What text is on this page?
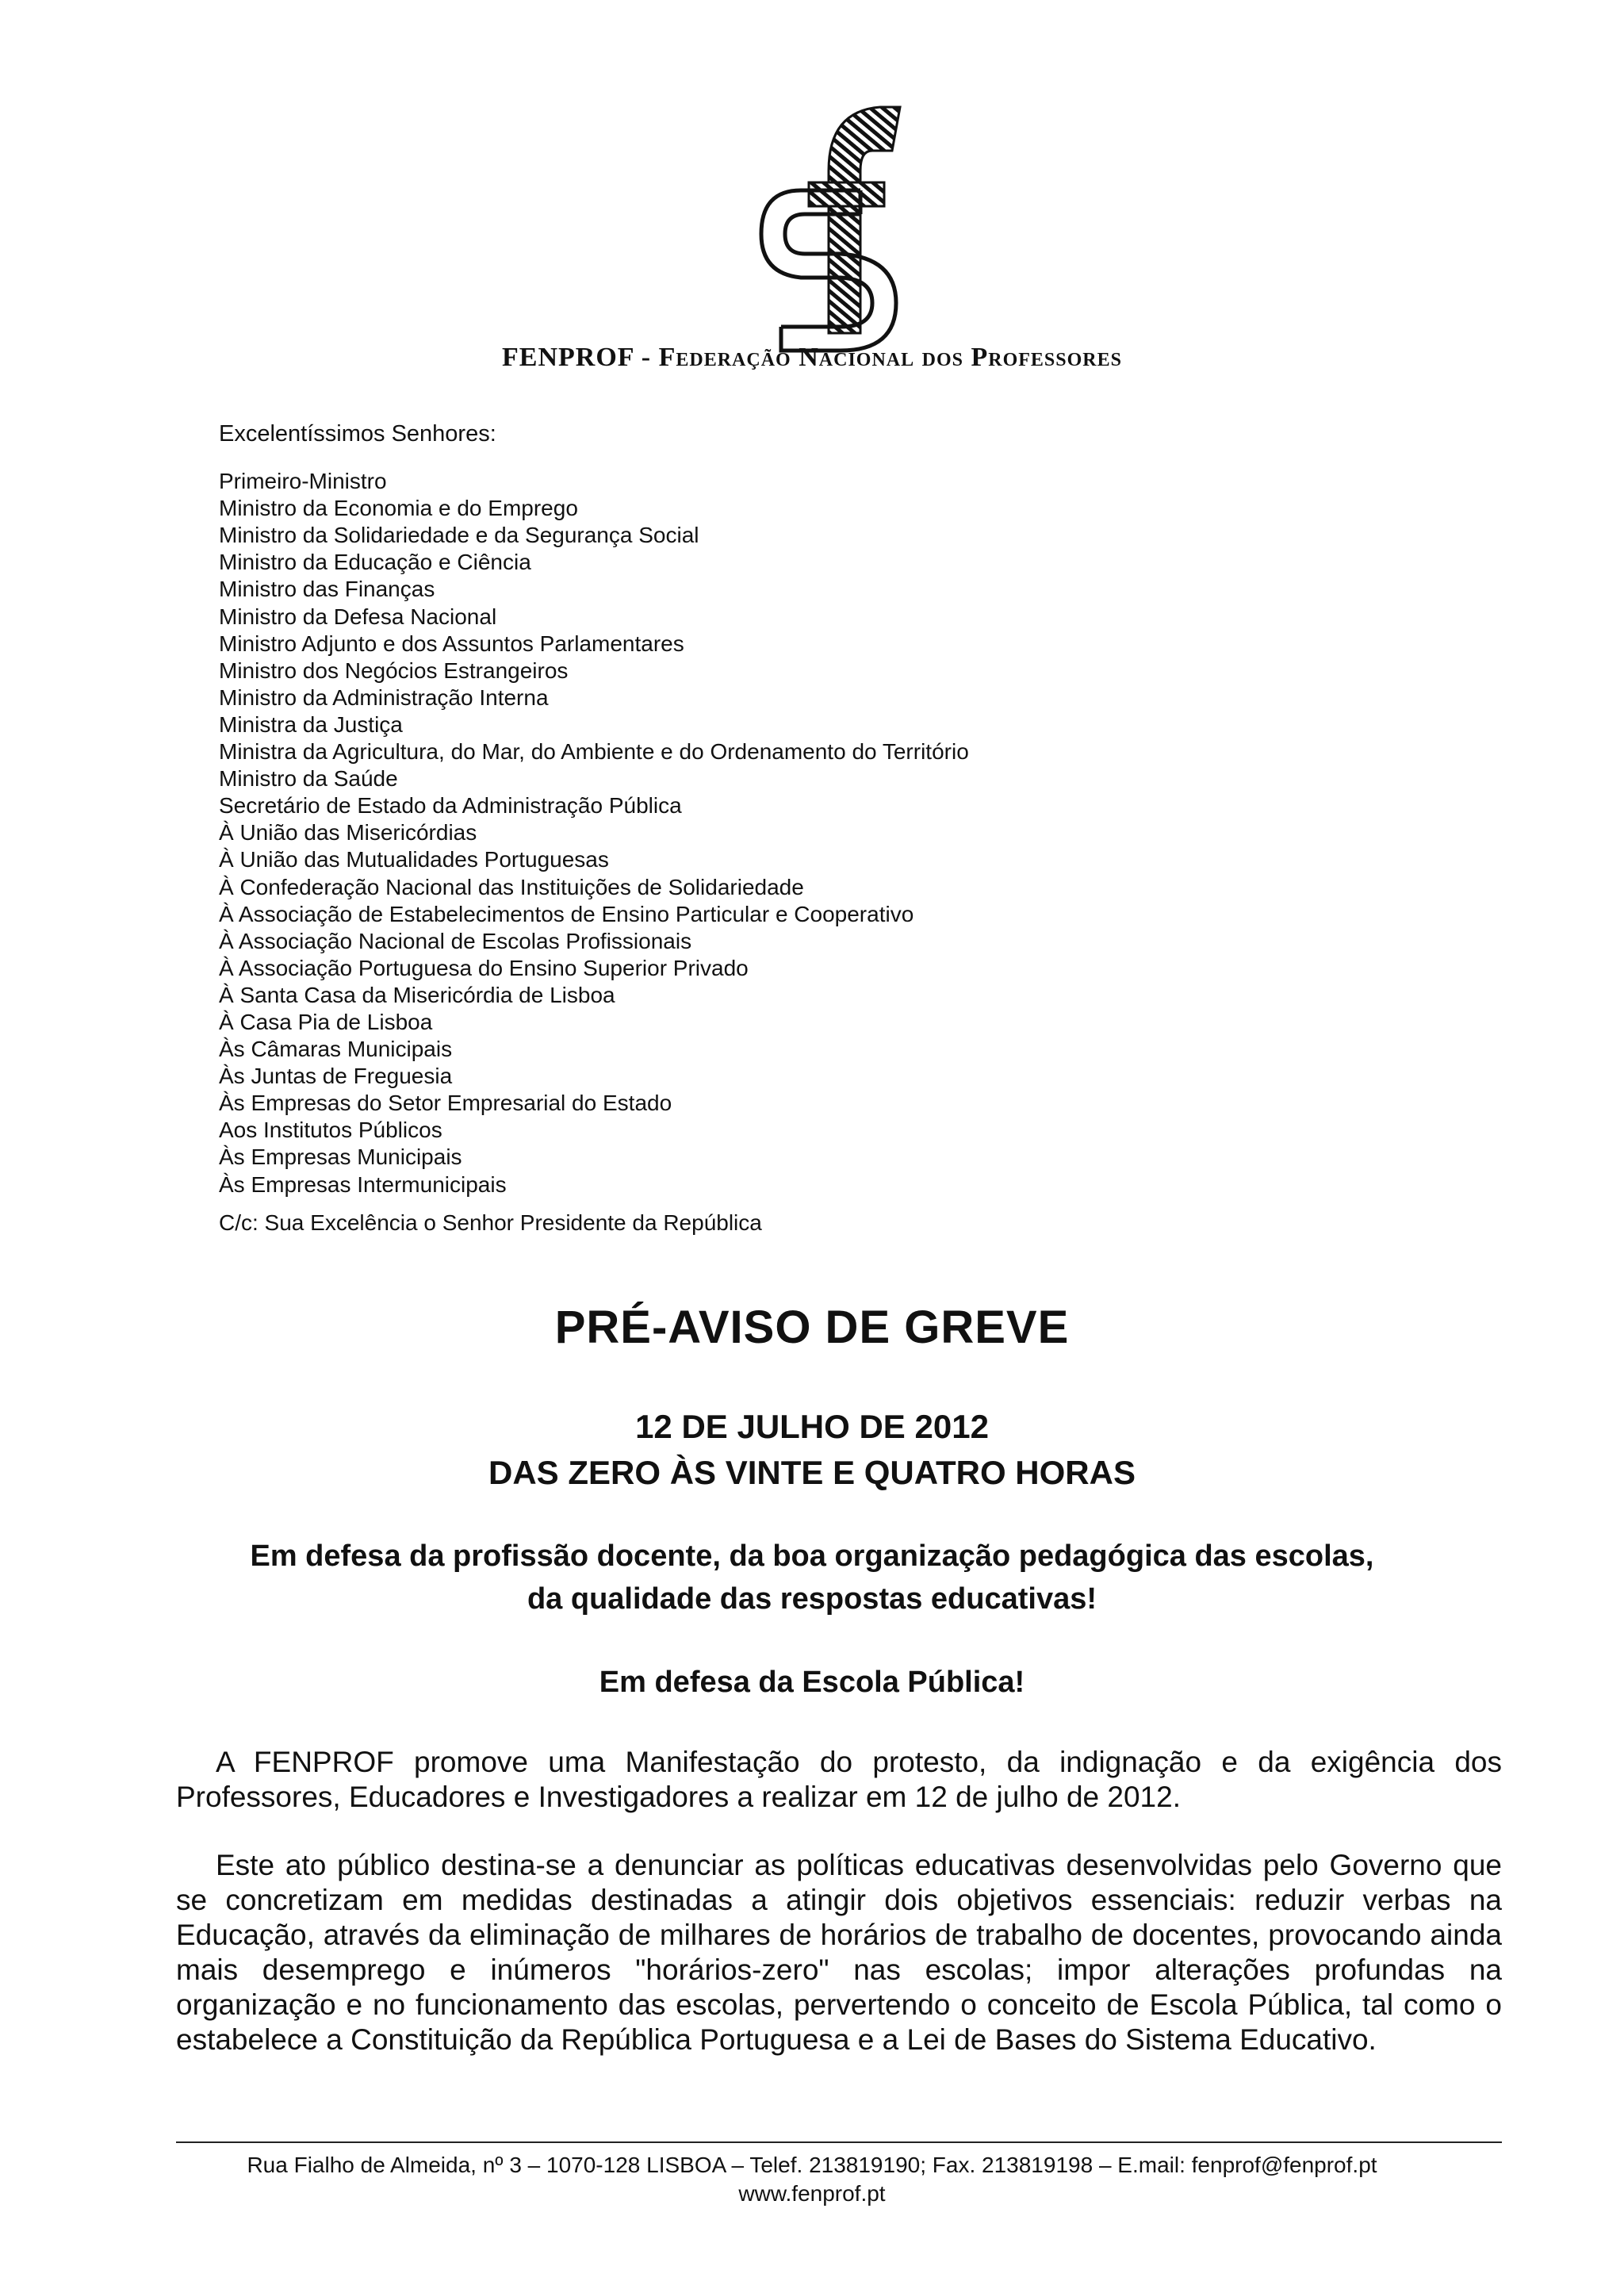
FENPROF - Federação Nacional dos Professores
Excelentíssimos Senhores:
Primeiro-Ministro
Ministro da Economia e do Emprego
Ministro da Solidariedade e da Segurança Social
Ministro da Educação e Ciência
Ministro das Finanças
Ministro da Defesa Nacional
Ministro Adjunto e dos Assuntos Parlamentares
Ministro dos Negócios Estrangeiros
Ministro da Administração Interna
Ministra da Justiça
Ministra da Agricultura, do Mar, do Ambiente e do Ordenamento do Território
Ministro da Saúde
Secretário de Estado da Administração Pública
À União das Misericórdias
À União das Mutualidades Portuguesas
À Confederação Nacional das Instituições de Solidariedade
À Associação de Estabelecimentos de Ensino Particular e Cooperativo
À Associação Nacional de Escolas Profissionais
À Associação Portuguesa do Ensino Superior Privado
À Santa Casa da Misericórdia de Lisboa
À Casa Pia de Lisboa
Às Câmaras Municipais
Às Juntas de Freguesia
Às Empresas do Setor Empresarial do Estado
Aos Institutos Públicos
Às Empresas Municipais
Às Empresas Intermunicipais
C/c: Sua Excelência o Senhor Presidente da República
PRÉ-AVISO DE GREVE
12 DE JULHO DE 2012
DAS ZERO ÀS VINTE E QUATRO HORAS
Em defesa da profissão docente, da boa organização pedagógica das escolas,
da qualidade das respostas educativas!
Em defesa da Escola Pública!
A FENPROF promove uma Manifestação do protesto, da indignação e da exigência dos Professores, Educadores e Investigadores a realizar em 12 de julho de 2012.
Este ato público destina-se a denunciar as políticas educativas desenvolvidas pelo Governo que se concretizam em medidas destinadas a atingir dois objetivos essenciais: reduzir verbas na Educação, através da eliminação de milhares de horários de trabalho de docentes, provocando ainda mais desemprego e inúmeros "horários-zero" nas escolas; impor alterações profundas na organização e no funcionamento das escolas, pervertendo o conceito de Escola Pública, tal como o estabelece a Constituição da República Portuguesa e a Lei de Bases do Sistema Educativo.
Rua Fialho de Almeida, nº 3 – 1070-128 LISBOA – Telef. 213819190; Fax. 213819198 – E.mail: fenprof@fenprof.pt
www.fenprof.pt
